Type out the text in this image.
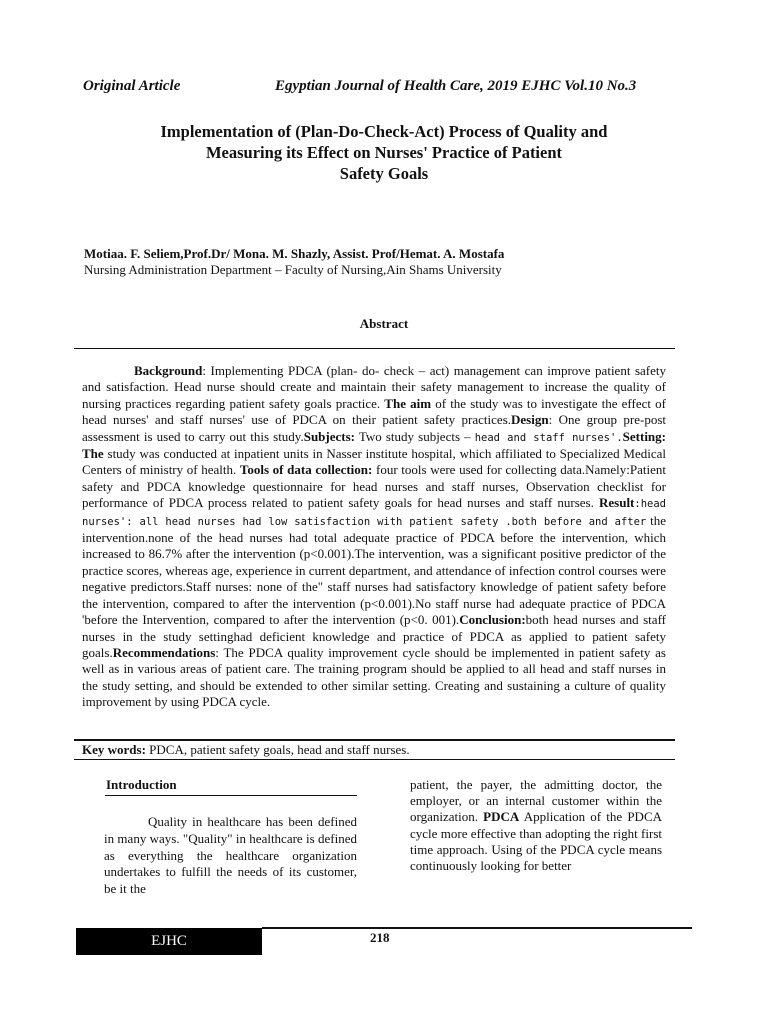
Original Article	Egyptian Journal of Health Care, 2019 EJHC Vol.10 No.3
Implementation of (Plan-Do-Check-Act) Process of Quality and
Measuring its Effect on Nurses' Practice of Patient
Safety Goals
Motiaa. F. Seliem,Prof.Dr/ Mona. M. Shazly, Assist. Prof/Hemat. A. Mostafa
Nursing Administration Department – Faculty of Nursing,Ain Shams University
Abstract
Background: Implementing PDCA (plan- do- check – act) management can improve patient safety and satisfaction. Head nurse should create and maintain their safety management to increase the quality of nursing practices regarding patient safety goals practice. The aim of the study was to investigate the effect of head nurses' and staff nurses' use of PDCA on their patient safety practices.Design: One group pre-post assessment is used to carry out this study.Subjects: Two study subjects – head and staff nurses'.Setting: The study was conducted at inpatient units in Nasser institute hospital, which affiliated to Specialized Medical Centers of ministry of health. Tools of data collection: four tools were used for collecting data.Namely:Patient safety and PDCA knowledge questionnaire for head nurses and staff nurses, Observation checklist for performance of PDCA process related to patient safety goals for head nurses and staff nurses. Result:head nurses': all head nurses had low satisfaction with patient safety .both before and after the intervention.none of the head nurses had total adequate practice of PDCA before the intervention, which increased to 86.7% after the intervention (p<0.001).The intervention, was a significant positive predictor of the practice scores, whereas age, experience in current department, and attendance of infection control courses were negative predictors.Staff nurses: none of the" staff nurses had satisfactory knowledge of patient safety before the intervention, compared to after the intervention (p<0.001).No staff nurse had adequate practice of PDCA 'before the Intervention, compared to after the intervention (p<0. 001).Conclusion:both head nurses and staff nurses in the study settinghad deficient knowledge and practice of PDCA as applied to patient safety goals.Recommendations: The PDCA quality improvement cycle should be implemented in patient safety as well as in various areas of patient care. The training program should be applied to all head and staff nurses in the study setting, and should be extended to other similar setting. Creating and sustaining a culture of quality improvement by using PDCA cycle.
Key words: PDCA, patient safety goals, head and staff nurses.
Introduction
Quality in healthcare has been defined in many ways. "Quality" in healthcare is defined as everything the healthcare organization undertakes to fulfill the needs of its customer, be it the
patient, the payer, the admitting doctor, the employer, or an internal customer within the organization. PDCA Application of the PDCA cycle more effective than adopting the right first time approach. Using of the PDCA cycle means continuously looking for better
EJHC	218
